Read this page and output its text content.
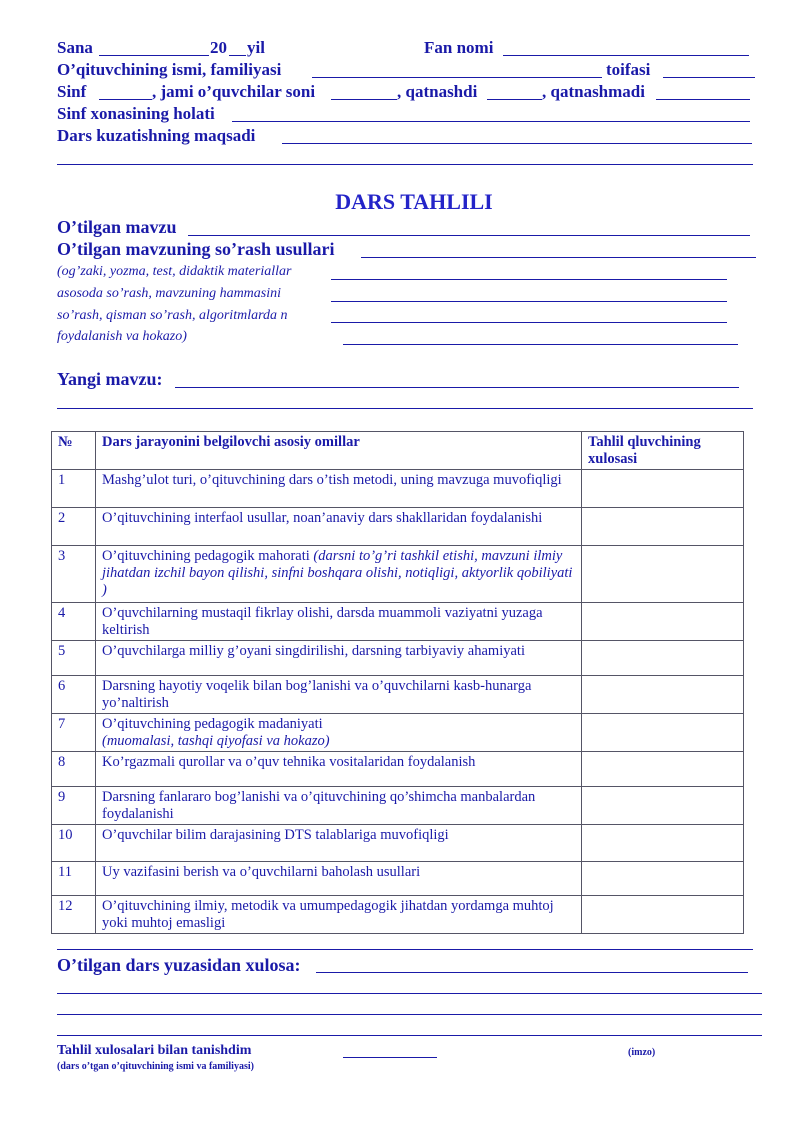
Sana	20 yil	Fan nomi
O’qituvchining ismi, familiyasi	toifasi
Sinf	, jami o’quvchilar soni	, qatnashdi	, qatnashmadi
Sinf xonasining holati
Dars kuzatishning maqsadi
DARS TAHLILI
O’tilgan mavzu
O’tilgan mavzuning so’rash usullari
(og’zaki, yozma, test, didaktik materiallar
asosoda so’rash, mavzuning hammasini
so’rash, qisman so’rash, algoritmlarda n
foydalanish va hokazo)
Yangi mavzu:
№	Dars jarayonini belgilovchi asosiy omillar	Tahlil qluvchining xulosasi
1	Mashg’ulot turi, o’qituvchining dars o’tish metodi, uning mavzuga muvofiqligi	
2	O’qituvchining interfaol usullar, noan’anaviy dars shakllaridan foydalanishi	
3	O’qituvchining pedagogik mahorati (darsni to’g’ri tashkil etishi, mavzuni ilmiy jihatdan izchil bayon qilishi, sinfni boshqara olishi, notiqligi, aktyorlik qobiliyati )	
4	O’quvchilarning mustaqil fikrlay olishi, darsda muammoli vaziyatni yuzaga keltirish	
5	O’quvchilarga milliy g’oyani singdirilishi, darsning tarbiyaviy ahamiyati	
6	Darsning hayotiy voqelik bilan bog’lanishi va o’quvchilarni kasb-hunarga yo’naltirish	
7	O’qituvchining pedagogik madaniyati
(muomalasi, tashqi qiyofasi va hokazo)	
8	Ko’rgazmali qurollar va o’quv tehnika vositalaridan foydalanish	
9	Darsning fanlararo bog’lanishi va o’qituvchining qo’shimcha manbalardan foydalanishi	
10	O’quvchilar bilim darajasining DTS talablariga muvofiqligi	
11	Uy vazifasini berish va o’quvchilarni baholash usullari	
12	O’qituvchining ilmiy, metodik va umumpedagogik jihatdan yordamga muhtoj yoki muhtoj emasligi	
O’tilgan dars yuzasidan xulosa:
Tahlil xulosalari bilan tanishdim	(imzo)
(dars o’tgan o’qituvchining ismi va familiyasi)
